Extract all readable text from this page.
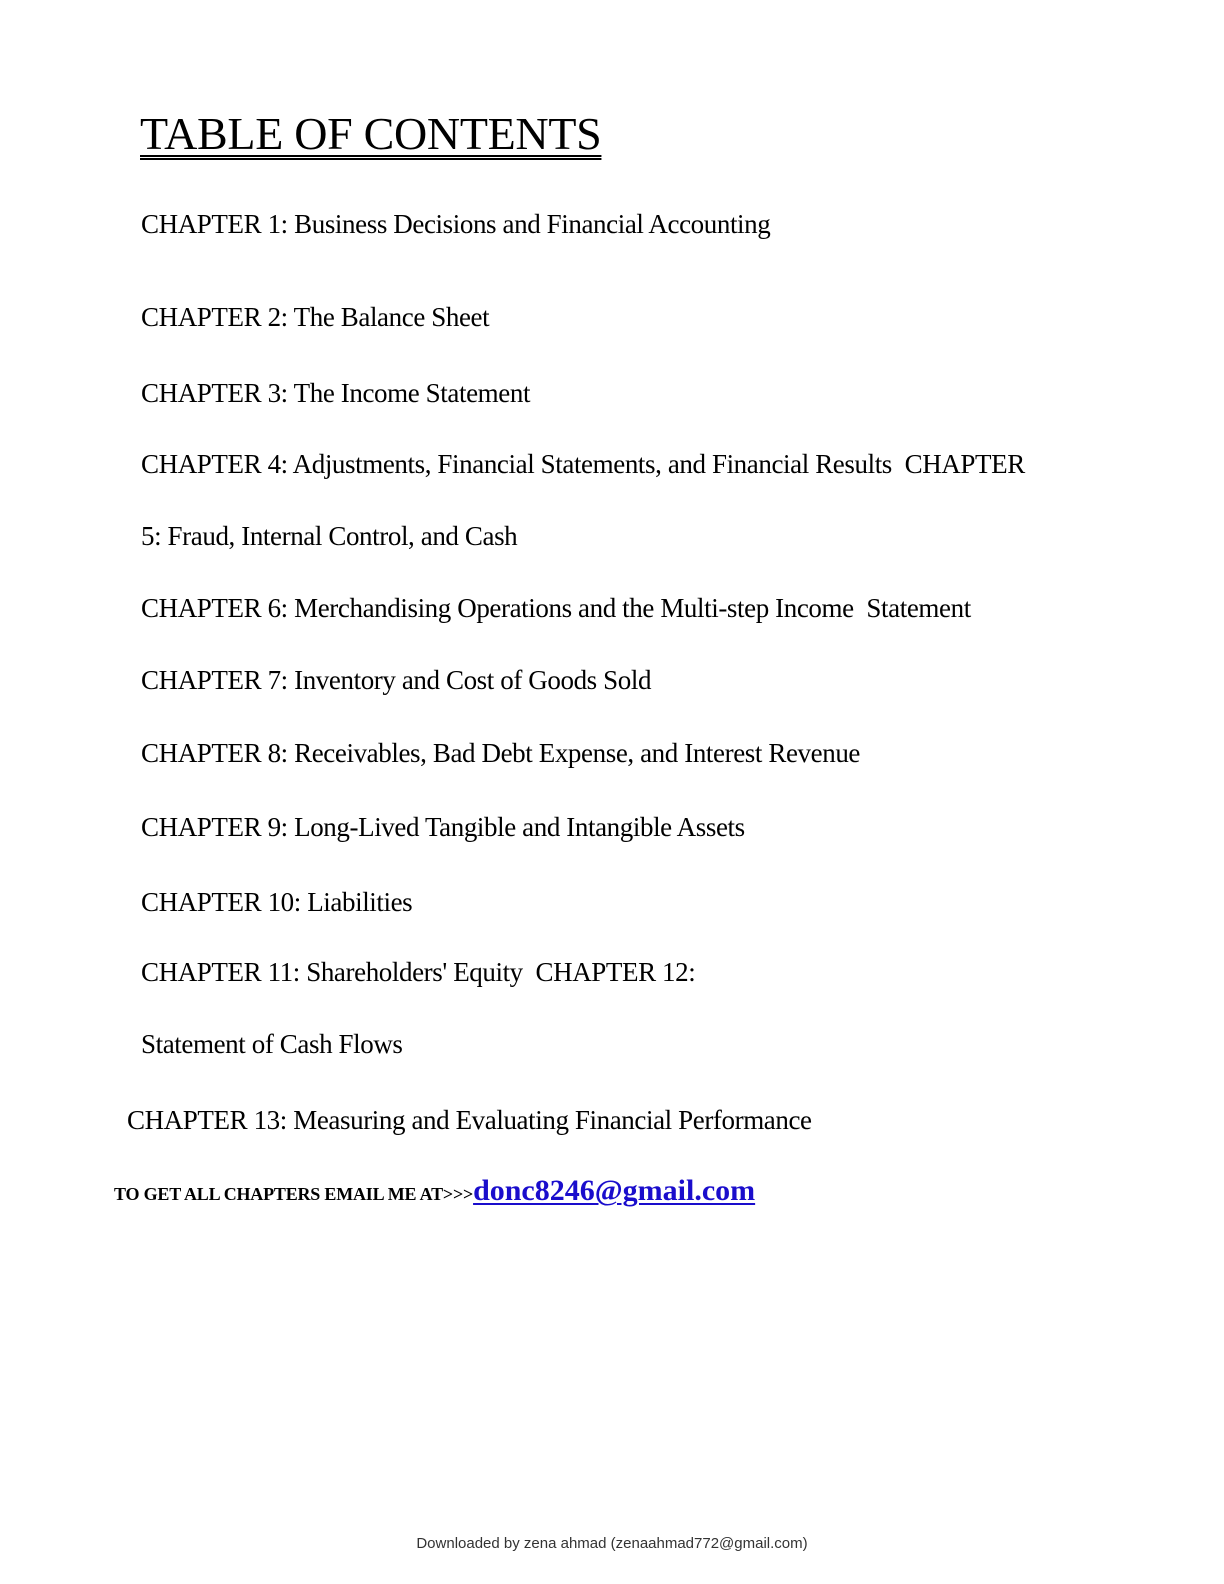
TABLE OF CONTENTS

CHAPTER 1: Business Decisions and Financial Accounting

CHAPTER 2: The Balance Sheet

CHAPTER 3: The Income Statement

CHAPTER 4: Adjustments, Financial Statements, and Financial Results  CHAPTER

5: Fraud, Internal Control, and Cash

CHAPTER 6: Merchandising Operations and the Multi-step Income  Statement

CHAPTER 7: Inventory and Cost of Goods Sold

CHAPTER 8: Receivables, Bad Debt Expense, and Interest Revenue

CHAPTER 9: Long-Lived Tangible and Intangible Assets

CHAPTER 10: Liabilities

CHAPTER 11: Shareholders' Equity  CHAPTER 12:

Statement of Cash Flows

CHAPTER 13: Measuring and Evaluating Financial Performance

TO GET ALL CHAPTERS EMAIL ME AT>>>donc8246@gmail.com

Downloaded by zena ahmad (zenaahmad772@gmail.com)
